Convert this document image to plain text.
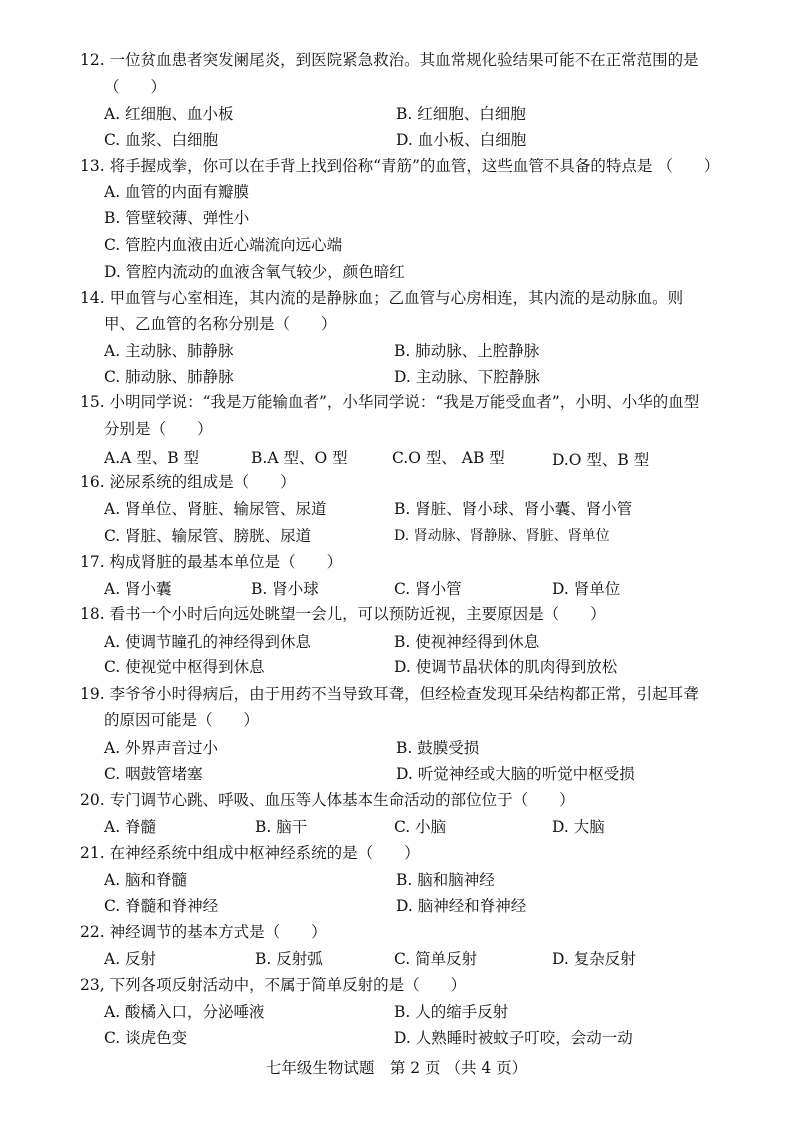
12. 一位贫血患者突发阑尾炎，到医院紧急救治。其血常规化验结果可能不在正常范围的是
（　　）
A. 红细胞、血小板	B. 红细胞、白细胞
C. 血浆、白细胞	D. 血小板、白细胞
13. 将手握成拳，你可以在手背上找到俗称“青筋”的血管，这些血管不具备的特点是 （　　）
A. 血管的内面有瓣膜
B. 管壁较薄、弹性小
C. 管腔内血液由近心端流向远心端
D. 管腔内流动的血液含氧气较少，颜色暗红
14. 甲血管与心室相连，其内流的是静脉血；乙血管与心房相连，其内流的是动脉血。则
甲、乙血管的名称分别是（　　）
A. 主动脉、肺静脉	B. 肺动脉、上腔静脉
C. 肺动脉、肺静脉	D. 主动脉、下腔静脉
15. 小明同学说：“我是万能输血者”，小华同学说：“我是万能受血者”，小明、小华的血型
分别是（　　）
A.A 型、B 型	B.A 型、O 型	C.O 型、 AB 型	D.O 型、B 型
16. 泌尿系统的组成是（　　）
A. 肾单位、肾脏、输尿管、尿道	B. 肾脏、肾小球、肾小囊、肾小管
C. 肾脏、输尿管、膀胱、尿道	D. 肾动脉、肾静脉、肾脏、肾单位
17. 构成肾脏的最基本单位是（　　）
A. 肾小囊	B. 肾小球	C. 肾小管	D. 肾单位
18. 看书一个小时后向远处眺望一会儿，可以预防近视，主要原因是（　　）
A. 使调节瞳孔的神经得到休息	B. 使视神经得到休息
C. 使视觉中枢得到休息	D. 使调节晶状体的肌肉得到放松
19. 李爷爷小时得病后，由于用药不当导致耳聋，但经检查发现耳朵结构都正常，引起耳聋
的原因可能是（　　）
A. 外界声音过小	B. 鼓膜受损
C. 咽鼓管堵塞	D. 听觉神经或大脑的听觉中枢受损
20. 专门调节心跳、呼吸、血压等人体基本生命活动的部位位于（　　）
A. 脊髓	B. 脑干	C. 小脑	D. 大脑
21. 在神经系统中组成中枢神经系统的是（　　）
A. 脑和脊髓	B. 脑和脑神经
C. 脊髓和脊神经	D. 脑神经和脊神经
22. 神经调节的基本方式是（　　）
A. 反射	B. 反射弧	C. 简单反射	D. 复杂反射
23, 下列各项反射活动中，不属于简单反射的是（　　）
A. 酸橘入口，分泌唾液	B. 人的缩手反射
C. 谈虎色变	D. 人熟睡时被蚊子叮咬，会动一动
七年级生物试题　第 2 页 （共 4 页）
